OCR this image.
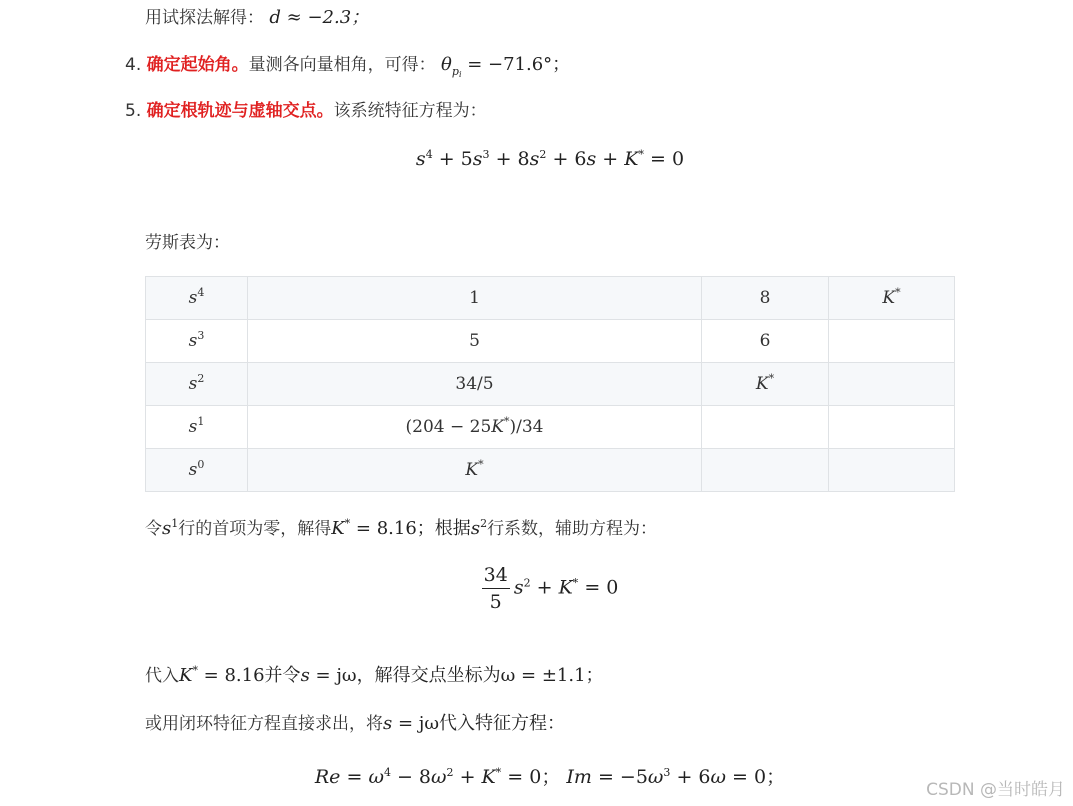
用试探法解得： d ≈ −2.3；
4. 确定起始角。量测各向量相角，可得： $\theta_{p_i} = -71.6^\circ$；
5. 确定根轨迹与虚轴交点。该系统特征方程为：
$s^4 + 5s^3 + 8s^2 + 6s + K^* = 0$
劳斯表为：
$s^4$	1	8	K*
$s^3$	5	6	
$s^2$	34/5	K*	
$s^1$	(204 − 25K*)/34		
$s^0$	K*		
令$s^1$行的首项为零，解得K* = 8.16；根据$s^2$行系数，辅助方程为：
$\frac{34}{5} s^2 + K^* = 0$
代入K* = 8.16并令s = jω，解得交点坐标为ω = ±1.1；
或用闭环特征方程直接求出，将s = jω代入特征方程：
$Re = \omega^4 - 8\omega^2 + K^* = 0$； $Im = -5\omega^3 + 6\omega = 0$；
CSDN @当时皓月
